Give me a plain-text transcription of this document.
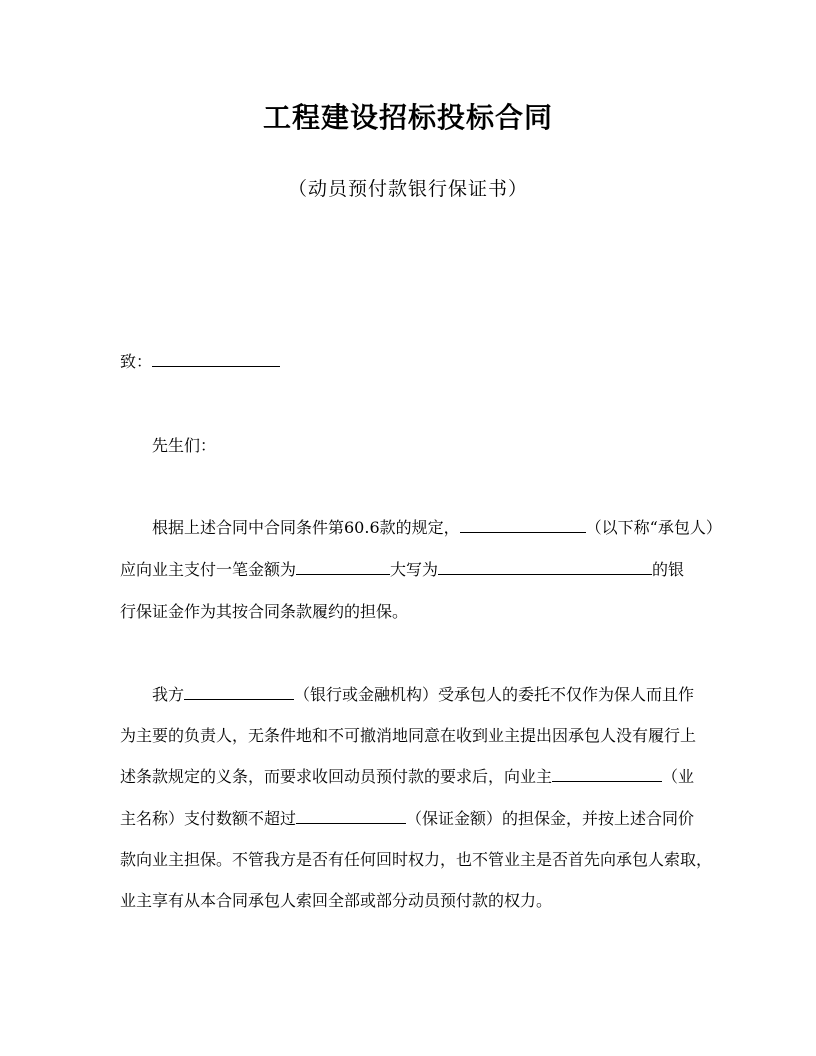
工程建设招标投标合同
（动员预付款银行保证书）
致：
先生们：
根据上述合同中合同条件第60.6款的规定，	（以下称“承包人）
应向业主支付一笔金额为	大写为	的银
行保证金作为其按合同条款履约的担保。
我方	（银行或金融机构）受承包人的委托不仅作为保人而且作
为主要的负责人，无条件地和不可撤消地同意在收到业主提出因承包人没有履行上
述条款规定的义条，而要求收回动员预付款的要求后，向业主	（业
主名称）支付数额不超过	（保证金额）的担保金，并按上述合同价
款向业主担保。不管我方是否有任何回时权力，也不管业主是否首先向承包人索取，
业主享有从本合同承包人索回全部或部分动员预付款的权力。
